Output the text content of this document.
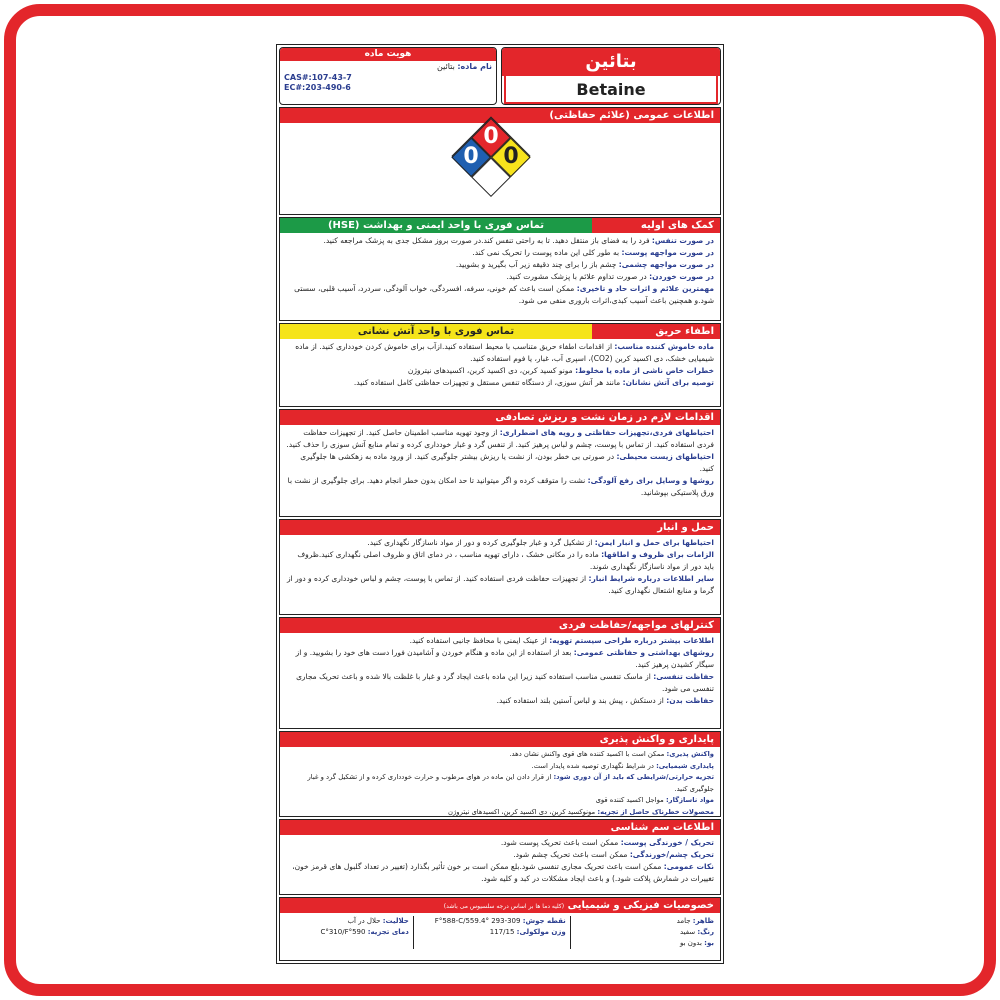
بتائین
Betaine
هویت ماده
نام ماده: بتائین
CAS#:107-43-7
EC#:203-490-6
اطلاعات عمومی (علائم حفاظتی)
0
0 0
کمک های اولیه
تماس فوری با واحد ایمنی و بهداشت (HSE)

در صورت تنفس: فرد را به فضای باز منتقل دهید. تا به راحتی تنفس کند.در صورت بروز مشکل جدی به پزشک مراجعه کنید.

در صورت مواجهه پوست: به طور کلی این ماده پوست را تحریک نمی کند.

در صورت مواجهه چشمی: چشم باز را برای چند دقیقه زیر آب بگیرید و بشویید.

در صورت خوردن: در صورت تداوم علائم با پزشک مشورت کنید.

مهمترین علائم و اثرات حاد و تاخیری: ممکن است باعث کم خونی، سرفه، افسردگی، خواب آلودگی، سردرد، آسیب قلبی، سستی شود.و همچنین باعث آسیب کبدی،اثرات باروری منفی می شود.

اطفاء حریق
تماس فوری با واحد آتش نشانی

ماده خاموش کننده مناسب: از اقدامات اطفاء حریق متناسب با محیط استفاده کنید.ازآب برای خاموش کردن خودداری کنید. از ماده شیمیایی خشک، دی اکسید کربن (CO2)، اسپری آب، غبار، یا فوم استفاده کنید.

خطرات خاص ناشی از ماده یا مخلوط: مونو کسید کربن، دی اکسید کربن، اکسیدهای نیتروژن

توصیه برای آتش نشانان: مانند هر آتش سوزی، از دستگاه تنفس مستقل و تجهیزات حفاظتی کامل استفاده کنید.

اقدامات لازم در زمان نشت و ریزش تصادفی

احتیاطهای فردی،تجهیزات حفاظتی و رویه های اضطراری: از وجود تهویه مناسب اطمینان حاصل کنید. از تجهیزات حفاظت فردی استفاده کنید. از تماس با پوست، چشم و لباس پرهیز کنید. از تنفس گرد و غبار خودداری کرده و تمام منابع آتش سوزی را حذف کنید.

احتیاطهای زیست محیطی: در صورتی بی خطر بودن، از نشت یا ریزش بیشتر جلوگیری کنید. از ورود ماده به زهکشی ها جلوگیری کنید.

روشها و وسایل برای رفع آلودگی: نشت را متوقف کرده و اگر میتوانید تا حد امکان بدون خطر انجام دهید. برای جلوگیری از نشت با ورق پلاستیکی بپوشانید.

حمل و انبار

احتیاطها برای حمل و انبار ایمن: از تشکیل گرد و غبار جلوگیری کرده و دور از مواد ناسازگار نگهداری کنید.

الزامات برای ظروف و اطاقها: ماده را در مکانی خشک ، دارای تهویه مناسب ، در دمای اتاق و ظروف اصلی نگهداری کنید.ظروف باید دور از مواد ناسازگار نگهداری شوند.

سایر اطلاعات درباره شرایط انبار: از تجهیزات حفاظت فردی استفاده کنید. از تماس با پوست، چشم و لباس خودداری کرده و دور از گرما و منابع اشتعال نگهداری کنید.

کنترلهای مواجهه/حفاظت فردی

اطلاعات بیشتر درباره طراحی سیستم تهویه: از عینک ایمنی با محافظ جانبی استفاده کنید.

روشهای بهداشتی و حفاظتی عمومی: بعد از استفاده از این ماده و هنگام خوردن و آشامیدن فورا دست های خود را بشویید. و از سیگار کشیدن پرهیز کنید.

حفاظت تنفسی: از ماسک تنفسی مناسب استفاده کنید زیرا این ماده باعث ایجاد گرد و غبار با غلظت بالا شده و باعث تحریک مجاری تنفسی می شود.

حفاظت بدن: از دستکش ، پیش بند و لباس آستین بلند استفاده کنید.

پایداری و واکنش پذیری

واکنش پذیری: ممکن است با اکسید کننده های قوی واکنش نشان دهد.

پایداری شیمیایی: در شرایط نگهداری توصیه شده پایدار است.

تجزیه حرارتی/شرایطی که باید از آن دوری شود: از قرار دادن این ماده در هوای مرطوب و حرارت خودداری کرده و از تشکیل گرد و غبار جلوگیری کنید.

مواد ناسازگار: مواجل اکسید کننده قوی

محصولات خطرناک حاصل از تجزیه: مونوکسید کربن، دی اکسید کربن، اکسیدهای نیتروژن

اطلاعات سم شناسی

تحریک / خورندگی پوست: ممکن است باعث تحریک پوست شود.

تحریک چشم/خورندگی: ممکن است باعث تحریک چشم شود.

نکات عمومی: ممکن است باعث تحریک مجاری تنفسی شود.بلع ممکن است بر خون تأثیر بگذارد (تغییر در تعداد گلبول های قرمز خون، تغییرات در شمارش پلاکت شود.) و باعث ایجاد مشکلات در کبد و کلیه شود.

خصوصیات فیزیکی و شیمیایی (کلیه دما ها بر اساس درجه سلسیوس می باشد)
ظاهر: جامد
رنگ: سفید
بو: بدون بو
نقطه جوش: F°588-C/559.4° 293-309
وزن مولکولی: 117/15
حلالیت: حلال در آب
دمای تجزیه: C°310/F°590
